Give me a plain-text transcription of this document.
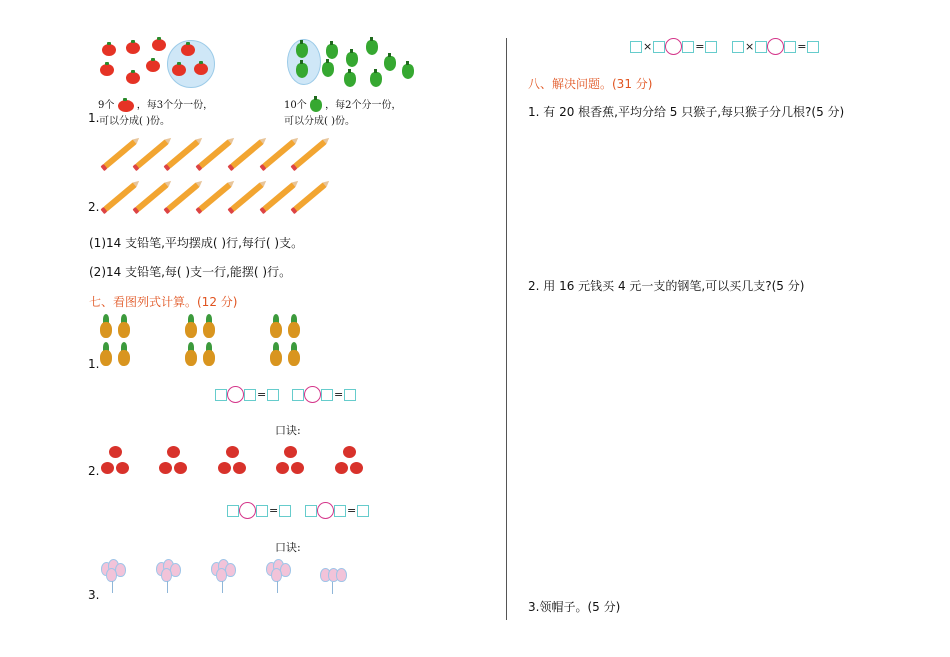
9个 ，每3个分一份，
1. 可以分成( )份。
10个 ，每2个分一份，
可以分成( )份。
2.
(1)14 支铅笔,平均摆成( )行,每行( )支。
(2)14 支铅笔,每( )支一行,能摆( )行。
七、看图列式计算。(12 分)
1.
=	=
口诀:
2.
=	=
口诀:
3.
×	=	×	=
八、解决问题。(31 分)
1. 有 20 根香蕉,平均分给 5 只猴子,每只猴子分几根?(5 分)
2. 用 16 元钱买 4 元一支的钢笔,可以买几支?(5 分)
3.领帽子。(5 分)
